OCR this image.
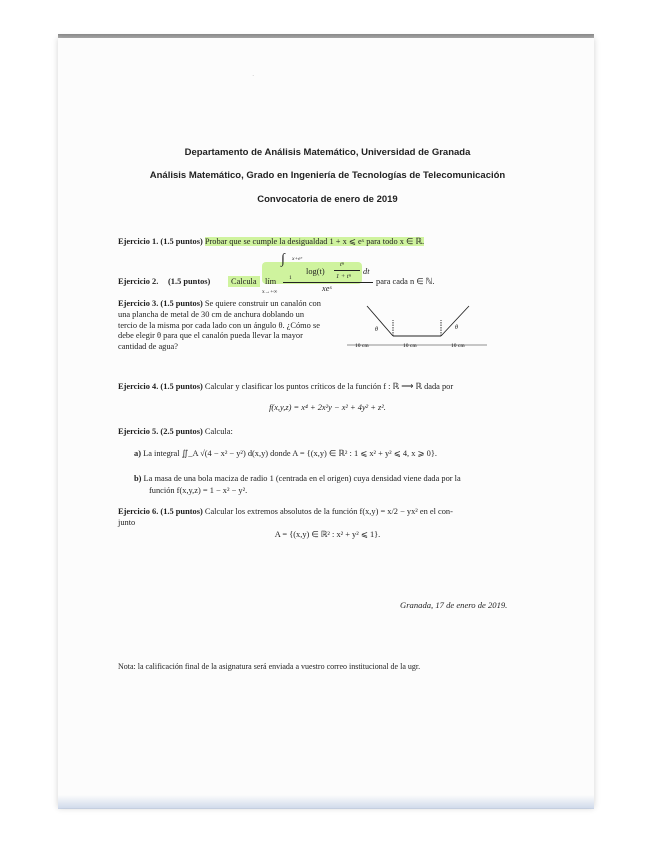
·
Departamento de Análisis Matemático, Universidad de Granada
Análisis Matemático, Grado en Ingeniería de Tecnologías de Telecomunicación
Convocatoria de enero de 2019
Ejercicio 1. (1.5 puntos) Probar que se cumple la desigualdad 1 + x ⩽ eˣ para todo x ∈ ℝ.
Ejercicio 2. (1.5 puntos)	Calcula	lím
x→+∞
∫ x+eˣ
1
log(t)
tⁿ
1 + tⁿ
dt
xeˣ
para cada n ∈ ℕ.
Ejercicio 3. (1.5 puntos) Se quiere construir un canalón con una plancha de metal de 30 cm de anchura doblando un tercio de la misma por cada lado con un ángulo θ. ¿Cómo se debe elegir θ para que el canalón pueda llevar la mayor cantidad de agua?
θ	θ
10 cm	10 cm	10 cm
Ejercicio 4. (1.5 puntos) Calcular y clasificar los puntos críticos de la función f : ℝ ⟶ ℝ dada por
f(x,y,z) = x⁴ + 2x²y − x² + 4y² + z².
Ejercicio 5. (2.5 puntos) Calcula:
a) La integral ∬_A √(4 − x² − y²) d(x,y) donde A = {(x,y) ∈ ℝ² : 1 ⩽ x² + y² ⩽ 4, x ⩾ 0}.
b) La masa de una bola maciza de radio 1 (centrada en el origen) cuya densidad viene dada por la
función f(x,y,z) = 1 − x² − y².
Ejercicio 6. (1.5 puntos) Calcular los extremos absolutos de la función f(x,y) = x/2 − yx² en el con-
junto
A = {(x,y) ∈ ℝ² : x² + y² ⩽ 1}.
Granada, 17 de enero de 2019.
Nota: la calificación final de la asignatura será enviada a vuestro correo institucional de la ugr.
